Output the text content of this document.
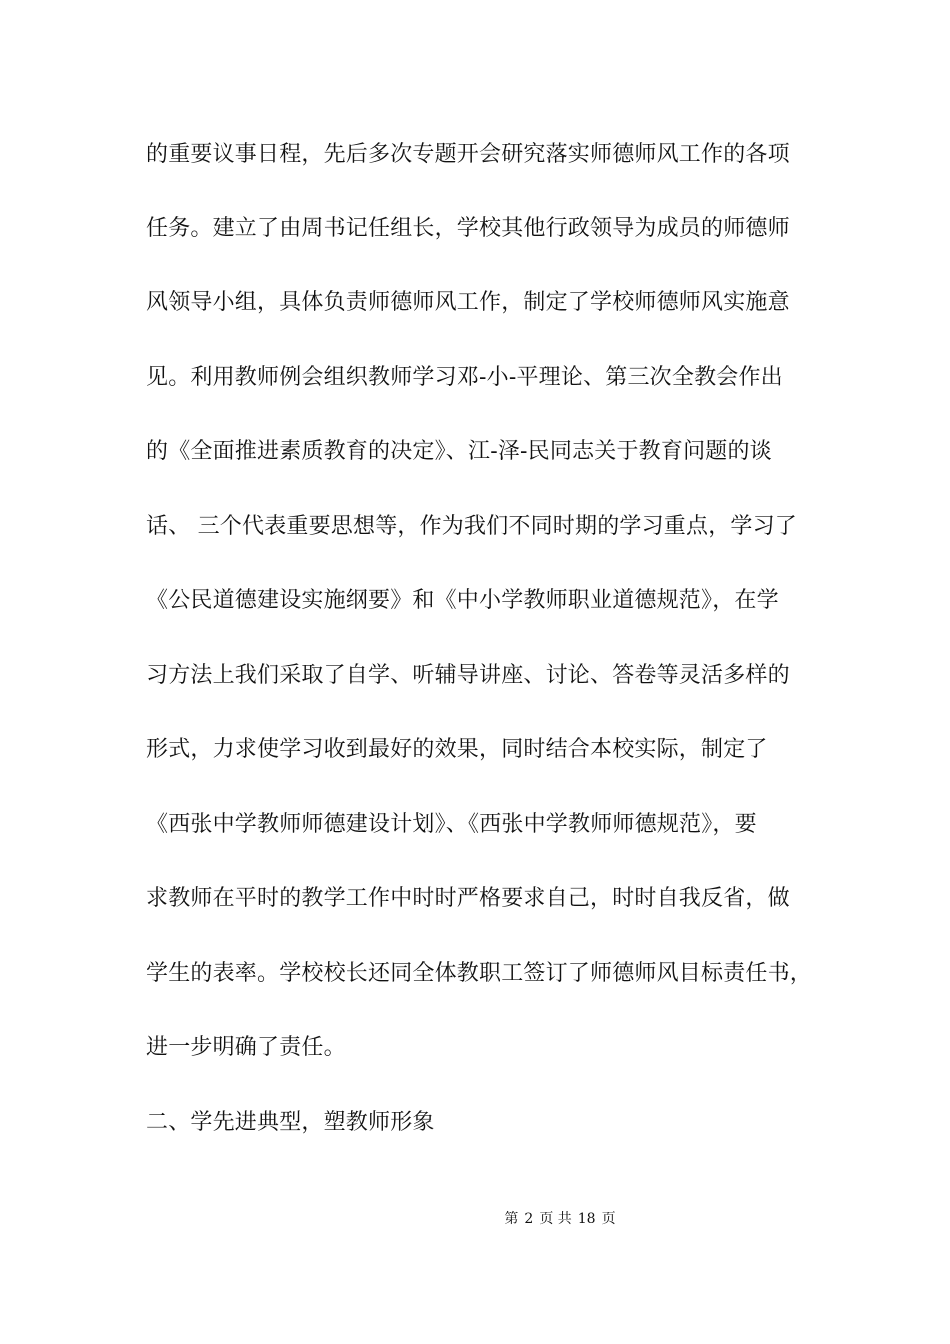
的重要议事日程，先后多次专题开会研究落实师德师风工作的各项
任务。建立了由周书记任组长，学校其他行政领导为成员的师德师
风领导小组，具体负责师德师风工作，制定了学校师德师风实施意
见。利用教师例会组织教师学习邓-小-平理论、第三次全教会作出
的《全面推进素质教育的决定》、江-泽-民同志关于教育问题的谈
话、 三个代表重要思想等，作为我们不同时期的学习重点，学习了
《公民道德建设实施纲要》和《中小学教师职业道德规范》，在学
习方法上我们采取了自学、听辅导讲座、讨论、答卷等灵活多样的
形式，力求使学习收到最好的效果，同时结合本校实际，制定了
《西张中学教师师德建设计划》、《西张中学教师师德规范》，要
求教师在平时的教学工作中时时严格要求自己，时时自我反省，做
学生的表率。学校校长还同全体教职工签订了师德师风目标责任书，
进一步明确了责任。
二、学先进典型，塑教师形象
第 2 页 共 18 页
